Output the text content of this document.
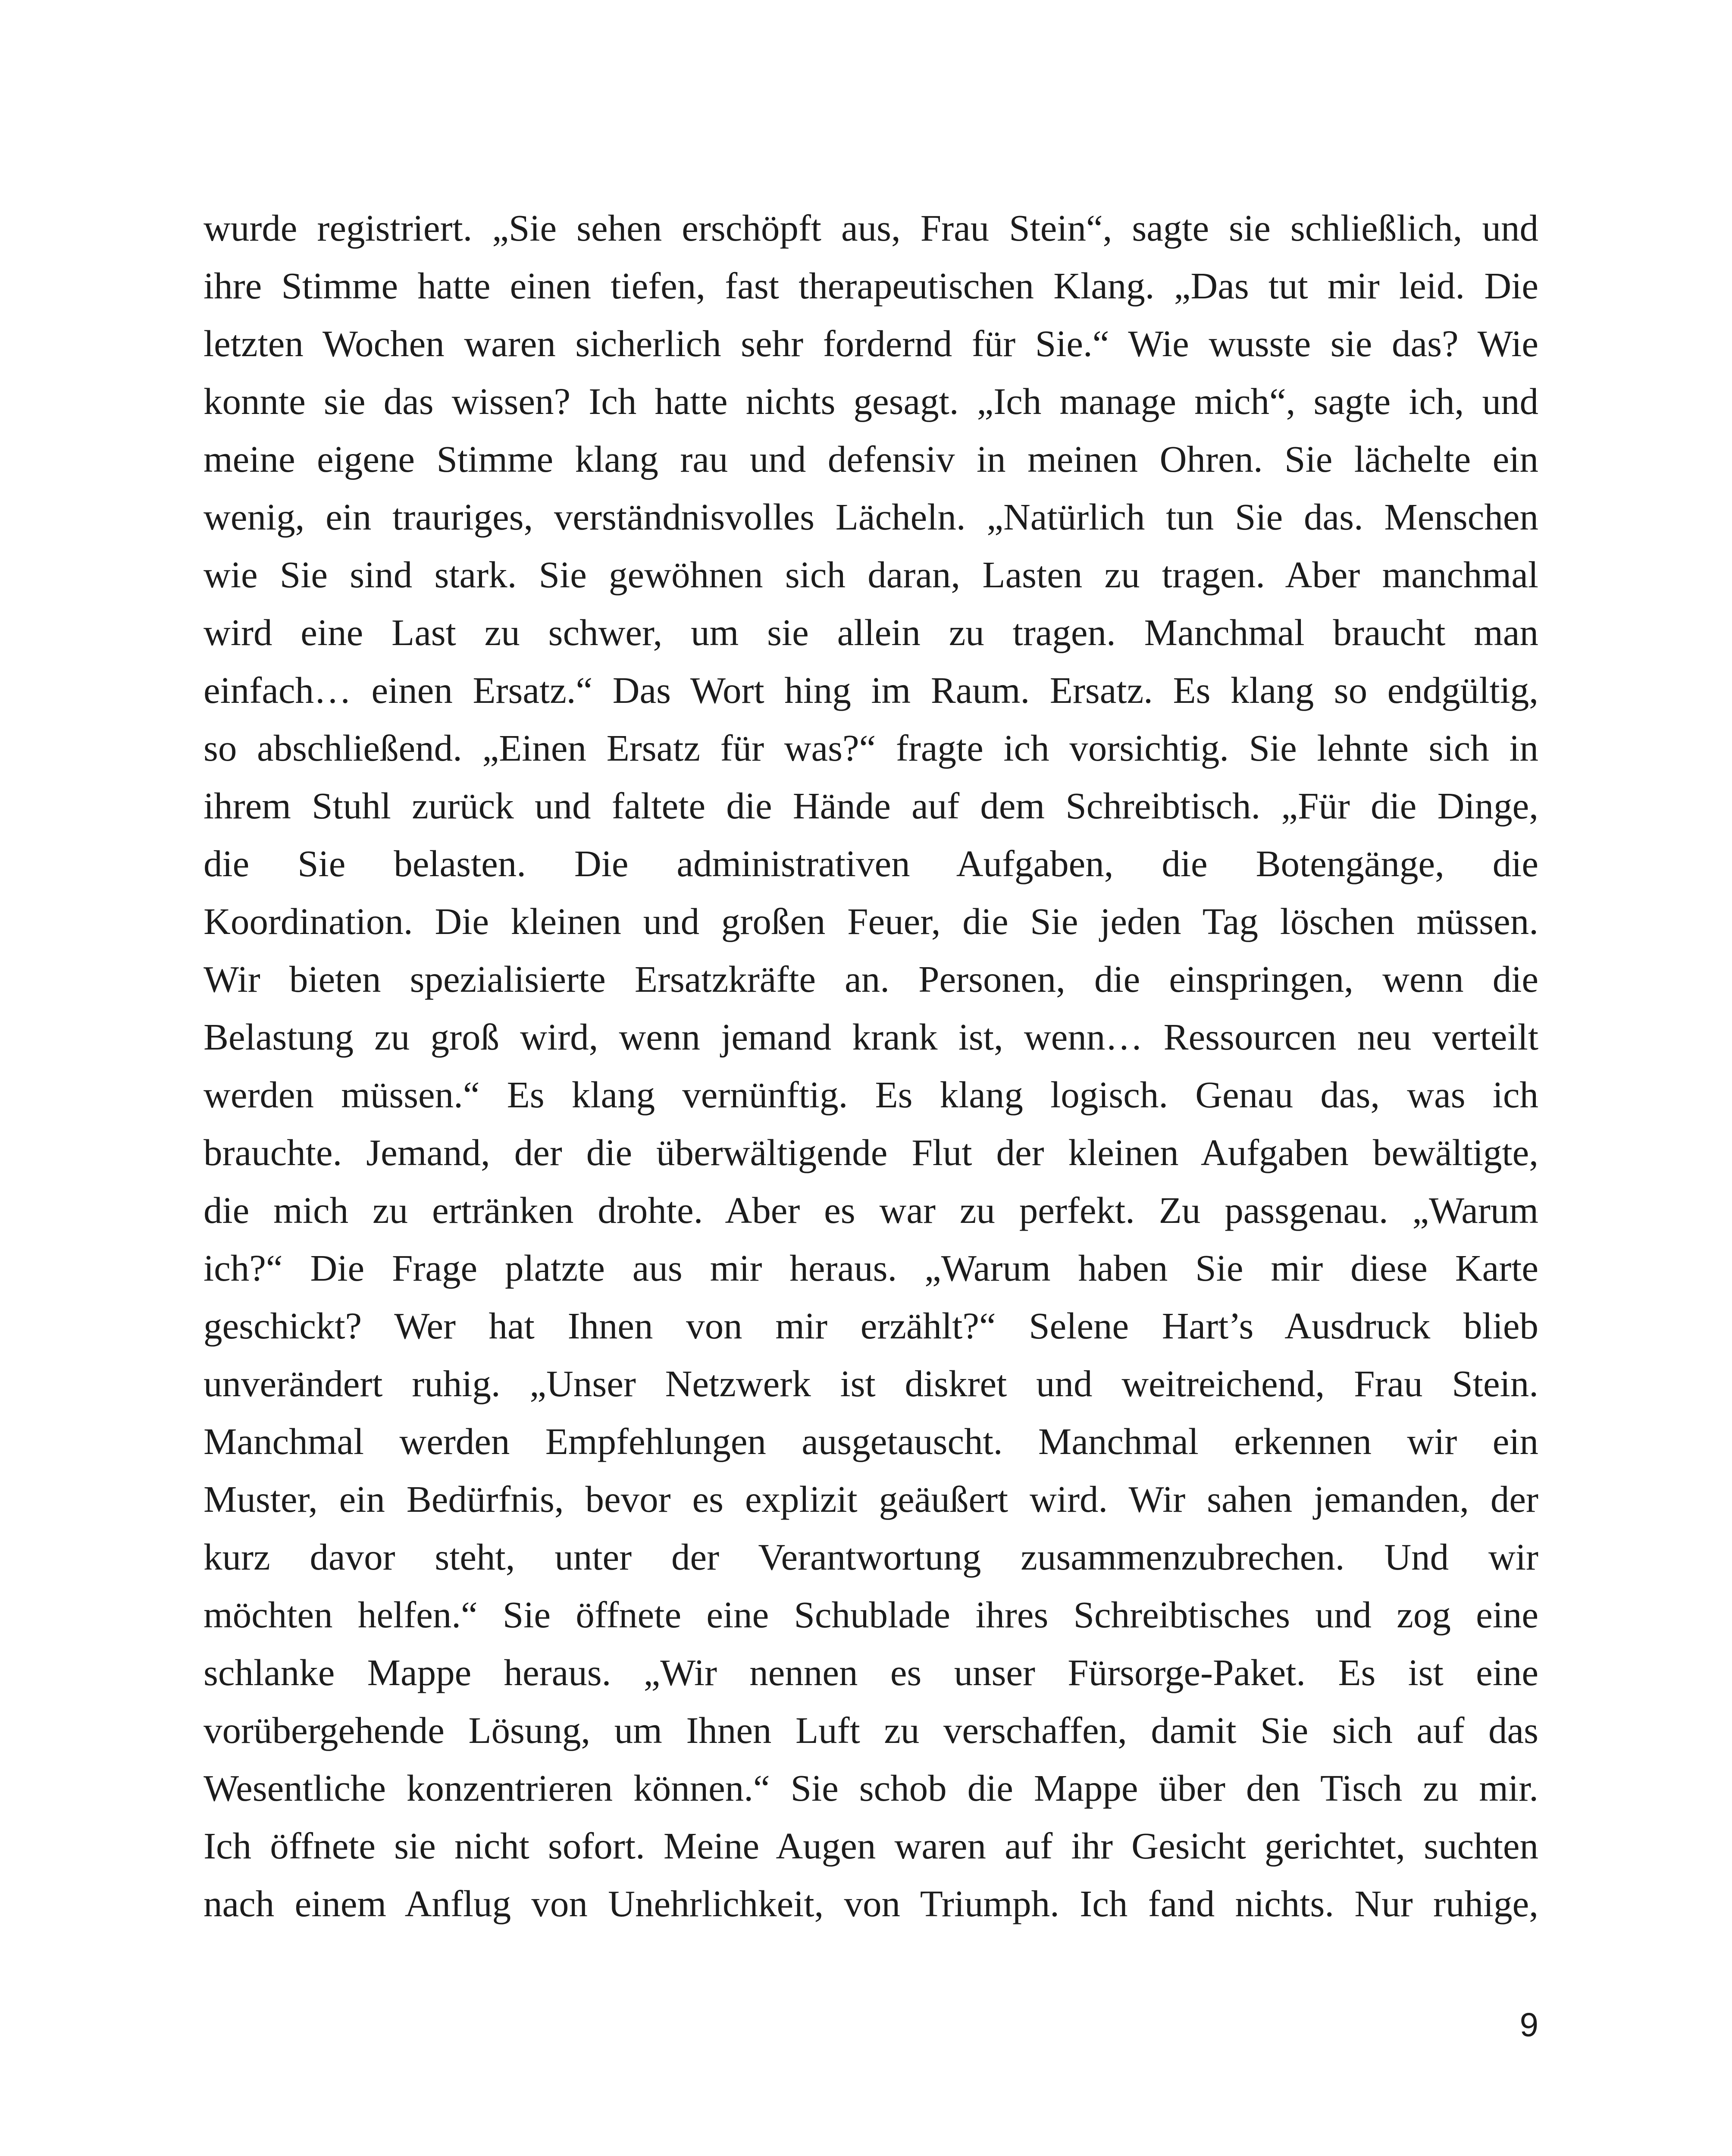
wurde registriert. „Sie sehen erschöpft aus, Frau Stein“, sagte sie schließlich, und
ihre Stimme hatte einen tiefen, fast therapeutischen Klang. „Das tut mir leid. Die
letzten Wochen waren sicherlich sehr fordernd für Sie.“ Wie wusste sie das? Wie
konnte sie das wissen? Ich hatte nichts gesagt. „Ich manage mich“, sagte ich, und
meine eigene Stimme klang rau und defensiv in meinen Ohren. Sie lächelte ein
wenig, ein trauriges, verständnisvolles Lächeln. „Natürlich tun Sie das. Menschen
wie Sie sind stark. Sie gewöhnen sich daran, Lasten zu tragen. Aber manchmal
wird eine Last zu schwer, um sie allein zu tragen. Manchmal braucht man
einfach… einen Ersatz.“ Das Wort hing im Raum. Ersatz. Es klang so endgültig,
so abschließend. „Einen Ersatz für was?“ fragte ich vorsichtig. Sie lehnte sich in
ihrem Stuhl zurück und faltete die Hände auf dem Schreibtisch. „Für die Dinge,
die Sie belasten. Die administrativen Aufgaben, die Botengänge, die
Koordination. Die kleinen und großen Feuer, die Sie jeden Tag löschen müssen.
Wir bieten spezialisierte Ersatzkräfte an. Personen, die einspringen, wenn die
Belastung zu groß wird, wenn jemand krank ist, wenn… Ressourcen neu verteilt
werden müssen.“ Es klang vernünftig. Es klang logisch. Genau das, was ich
brauchte. Jemand, der die überwältigende Flut der kleinen Aufgaben bewältigte,
die mich zu ertränken drohte. Aber es war zu perfekt. Zu passgenau. „Warum
ich?“ Die Frage platzte aus mir heraus. „Warum haben Sie mir diese Karte
geschickt? Wer hat Ihnen von mir erzählt?“ Selene Hart’s Ausdruck blieb
unverändert ruhig. „Unser Netzwerk ist diskret und weitreichend, Frau Stein.
Manchmal werden Empfehlungen ausgetauscht. Manchmal erkennen wir ein
Muster, ein Bedürfnis, bevor es explizit geäußert wird. Wir sahen jemanden, der
kurz davor steht, unter der Verantwortung zusammenzubrechen. Und wir
möchten helfen.“ Sie öffnete eine Schublade ihres Schreibtisches und zog eine
schlanke Mappe heraus. „Wir nennen es unser Fürsorge-Paket. Es ist eine
vorübergehende Lösung, um Ihnen Luft zu verschaffen, damit Sie sich auf das
Wesentliche konzentrieren können.“ Sie schob die Mappe über den Tisch zu mir.
Ich öffnete sie nicht sofort. Meine Augen waren auf ihr Gesicht gerichtet, suchten
nach einem Anflug von Unehrlichkeit, von Triumph. Ich fand nichts. Nur ruhige,
9
